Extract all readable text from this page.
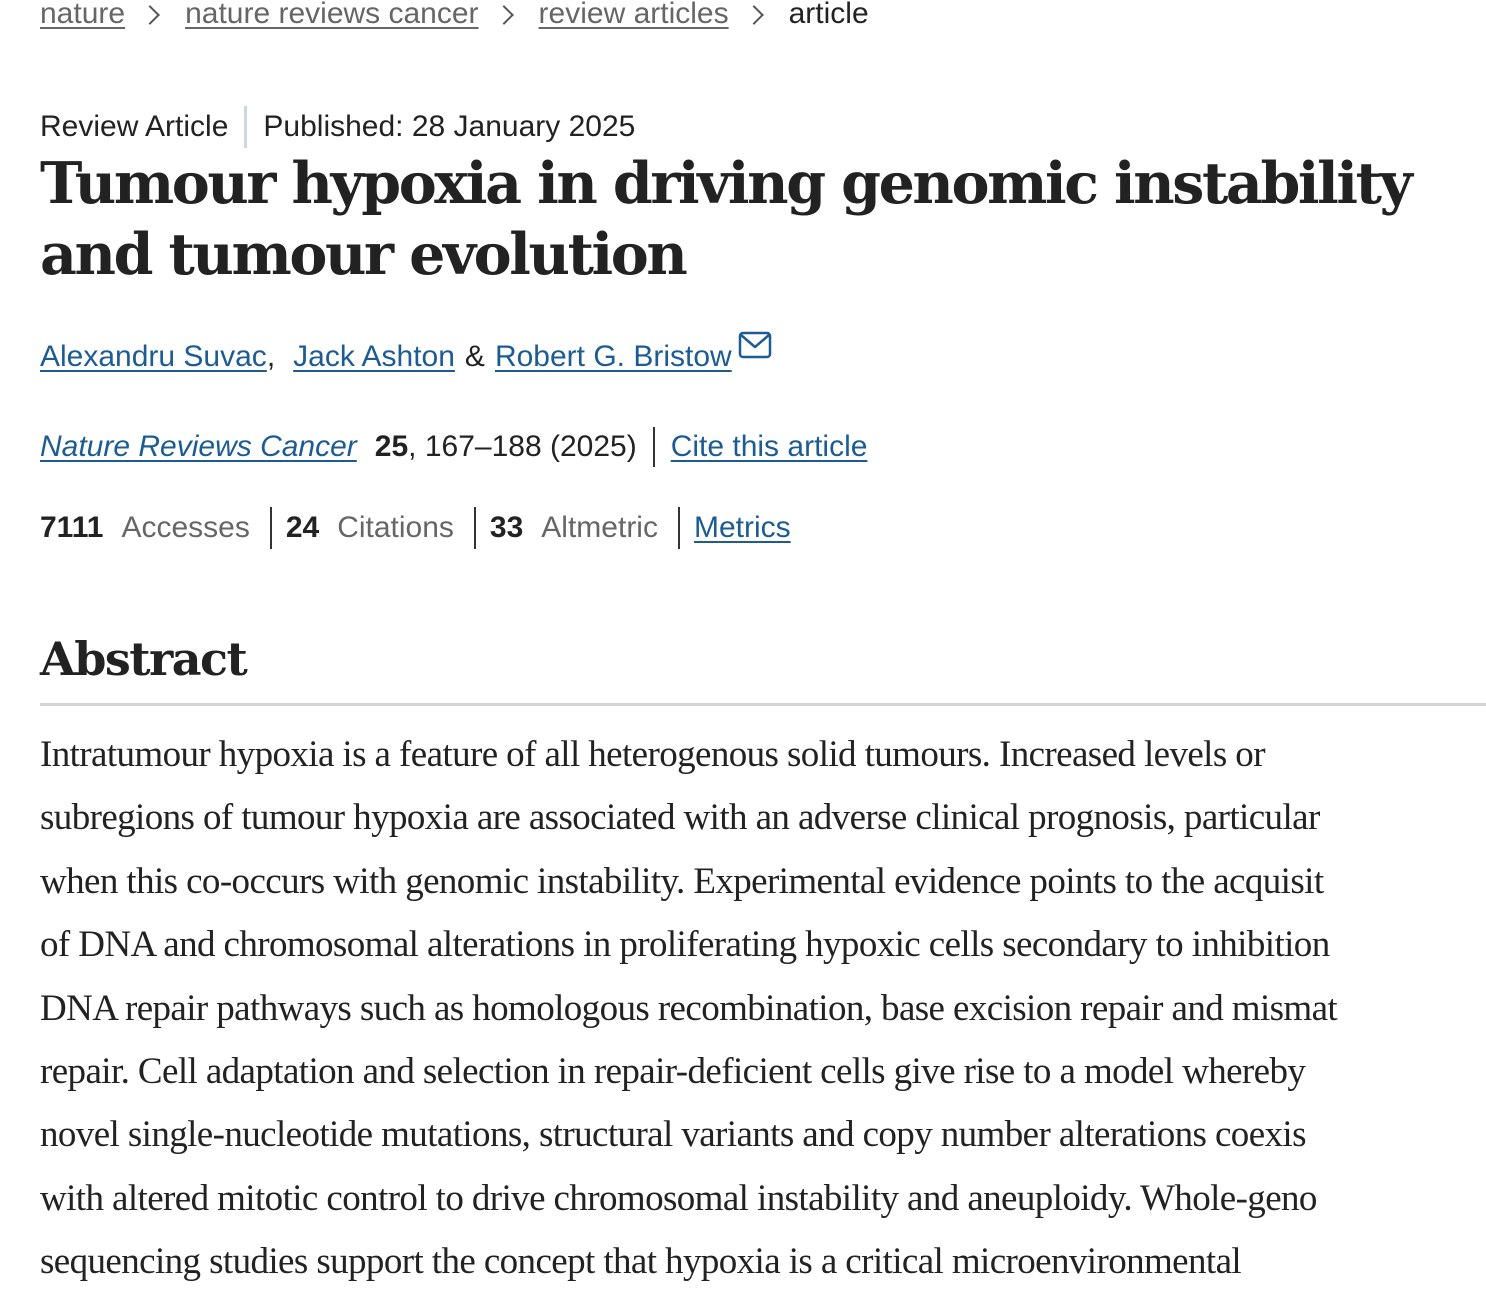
nature nature reviews cancer review articles article
Review Article Published: 28 January 2025
Tumour hypoxia in driving genomic instability and tumour evolution
Alexandru Suvac , Jack Ashton & Robert G. Bristow
Nature Reviews Cancer 25 , 167–188 (2025) Cite this article
7111 Accesses 24 Citations 33 Altmetric Metrics
Abstract

Intratumour hypoxia is a feature of all heterogenous solid tumours. Increased levels or
subregions of tumour hypoxia are associated with an adverse clinical prognosis, particular
when this co-occurs with genomic instability. Experimental evidence points to the acquisit
of DNA and chromosomal alterations in proliferating hypoxic cells secondary to inhibition
DNA repair pathways such as homologous recombination, base excision repair and mismat
repair. Cell adaptation and selection in repair-deficient cells give rise to a model whereby
novel single-nucleotide mutations, structural variants and copy number alterations coexis
with altered mitotic control to drive chromosomal instability and aneuploidy. Whole-geno
sequencing studies support the concept that hypoxia is a critical microenvironmental
